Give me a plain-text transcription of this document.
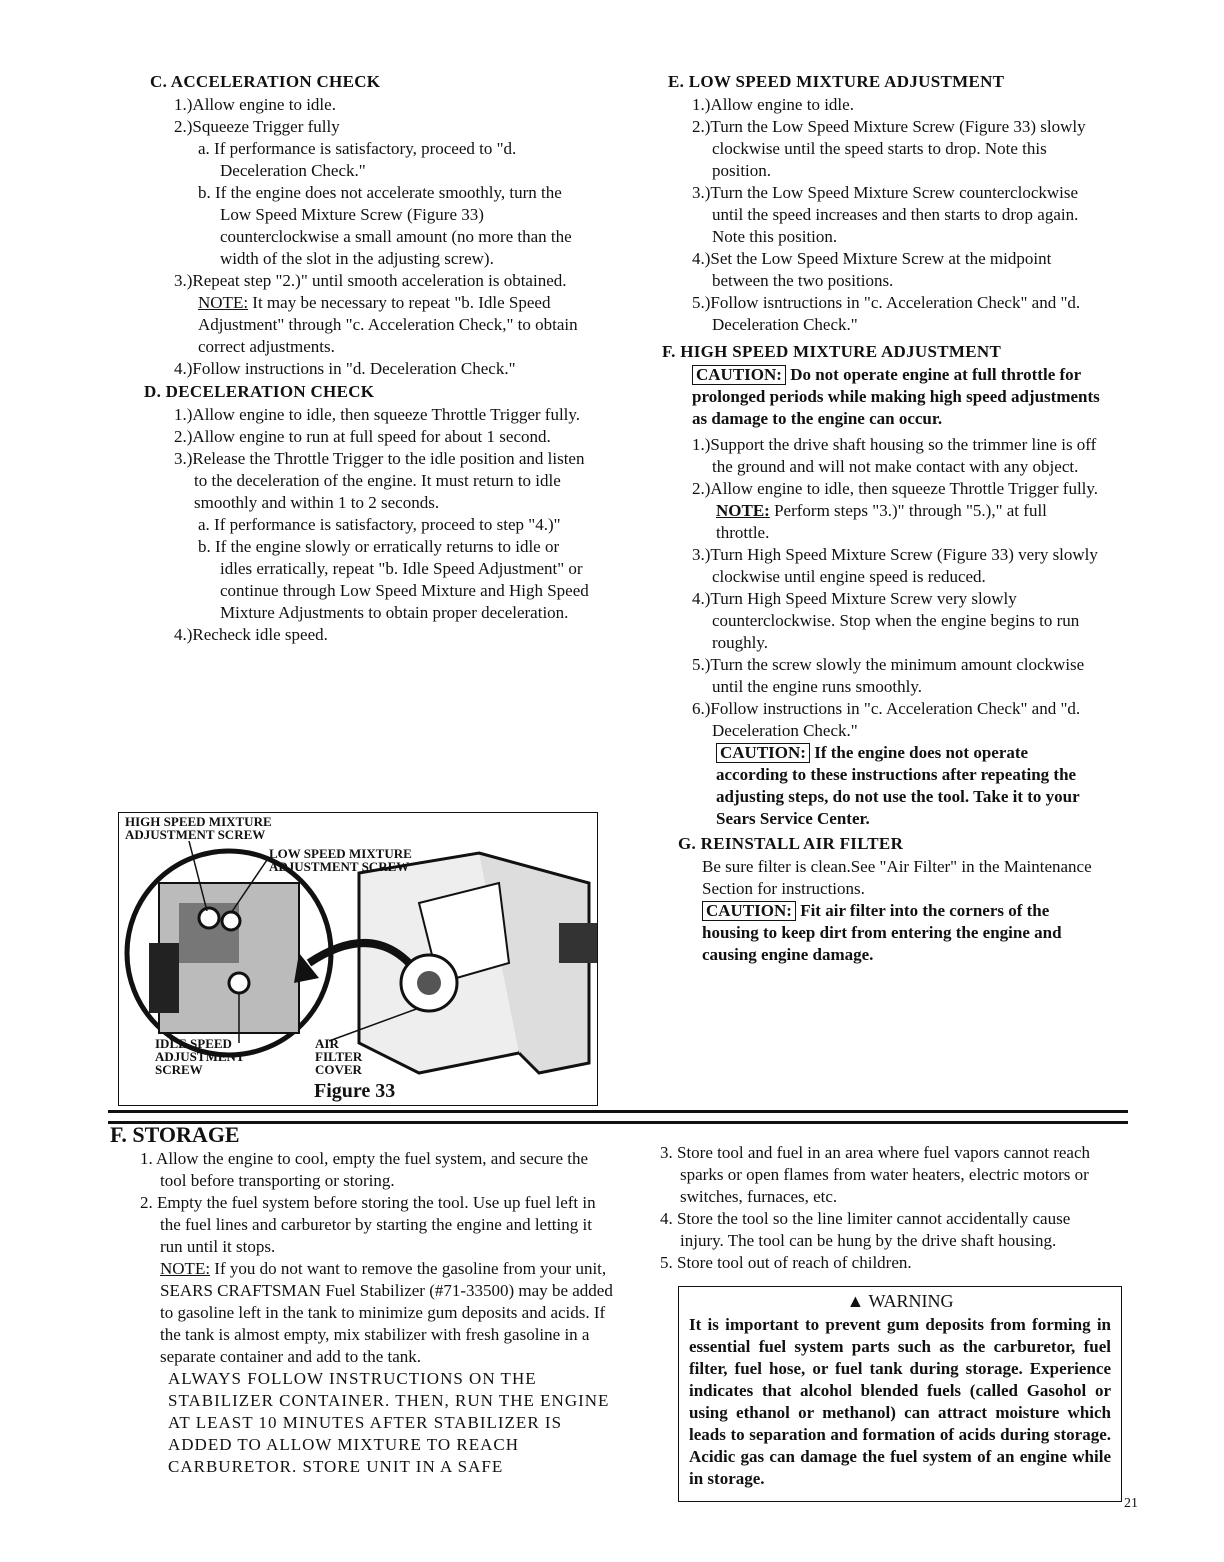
C. ACCELERATION CHECK

1.)Allow engine to idle.

2.)Squeeze Trigger fully

a. If performance is satisfactory, proceed to "d. Deceleration Check."

b. If the engine does not accelerate smoothly, turn the Low Speed Mixture Screw (Figure 33) counterclockwise a small amount (no more than the width of the slot in the adjusting screw).

3.)Repeat step "2.)" until smooth acceleration is obtained.

NOTE: It may be necessary to repeat "b. Idle Speed Adjustment" through "c. Acceleration Check," to obtain correct adjustments.

4.)Follow instructions in "d. Deceleration Check."

D. DECELERATION CHECK

1.)Allow engine to idle, then squeeze Throttle Trigger fully.

2.)Allow engine to run at full speed for about 1 second.

3.)Release the Throttle Trigger to the idle position and listen to the deceleration of the engine. It must return to idle smoothly and within 1 to 2 seconds.

a. If performance is satisfactory, proceed to step "4.)"

b. If the engine slowly or erratically returns to idle or idles erratically, repeat "b. Idle Speed Adjustment" or continue through Low Speed Mixture and High Speed Mixture Adjustments to obtain proper deceleration.

4.)Recheck idle speed.

HIGH SPEED MIXTURE ADJUSTMENT SCREW
LOW SPEED MIXTURE ADJUSTMENT SCREW
IDLE SPEED ADJUSTMENT SCREW
AIR FILTER COVER
Figure 33
E. LOW SPEED MIXTURE ADJUSTMENT

1.)Allow engine to idle.

2.)Turn the Low Speed Mixture Screw (Figure 33) slowly clockwise until the speed starts to drop. Note this position.

3.)Turn the Low Speed Mixture Screw counterclockwise until the speed increases and then starts to drop again. Note this position.

4.)Set the Low Speed Mixture Screw at the midpoint between the two positions.

5.)Follow isntructions in "c. Acceleration Check" and "d. Deceleration Check."

F. HIGH SPEED MIXTURE ADJUSTMENT

CAUTION: Do not operate engine at full throttle for prolonged periods while making high speed adjustments as damage to the engine can occur.

1.)Support the drive shaft housing so the trimmer line is off the ground and will not make contact with any object.

2.)Allow engine to idle, then squeeze Throttle Trigger fully.

NOTE: Perform steps "3.)" through "5.)," at full throttle.

3.)Turn High Speed Mixture Screw (Figure 33) very slowly clockwise until engine speed is reduced.

4.)Turn High Speed Mixture Screw very slowly counterclockwise. Stop when the engine begins to run roughly.

5.)Turn the screw slowly the minimum amount clockwise until the engine runs smoothly.

6.)Follow instructions in "c. Acceleration Check" and "d. Deceleration Check."

CAUTION: If the engine does not operate according to these instructions after repeating the adjusting steps, do not use the tool. Take it to your Sears Service Center.

G. REINSTALL AIR FILTER

Be sure filter is clean.See "Air Filter" in the Maintenance Section for instructions.

CAUTION: Fit air filter into the corners of the housing to keep dirt from entering the engine and causing engine damage.

F. STORAGE

1. Allow the engine to cool, empty the fuel system, and secure the tool before transporting or storing.

2. Empty the fuel system before storing the tool. Use up fuel left in the fuel lines and carburetor by starting the engine and letting it run until it stops.

NOTE: If you do not want to remove the gasoline from your unit, SEARS CRAFTSMAN Fuel Stabilizer (#71-33500) may be added to gasoline left in the tank to minimize gum deposits and acids. If the tank is almost empty, mix stabilizer with fresh gasoline in a separate container and add to the tank.

ALWAYS FOLLOW INSTRUCTIONS ON THE STABILIZER CONTAINER. THEN, RUN THE ENGINE AT LEAST 10 MINUTES AFTER STABILIZER IS ADDED TO ALLOW MIXTURE TO REACH CARBURETOR. STORE UNIT IN A SAFE

3. Store tool and fuel in an area where fuel vapors cannot reach sparks or open flames from water heaters, electric motors or switches, furnaces, etc.

4. Store the tool so the line limiter cannot accidentally cause injury. The tool can be hung by the drive shaft housing.

5. Store tool out of reach of children.

▲ WARNING

It is important to prevent gum deposits from forming in essential fuel system parts such as the carburetor, fuel filter, fuel hose, or fuel tank during storage. Experience indicates that alcohol blended fuels (called Gasohol or using ethanol or methanol) can attract moisture which leads to separation and formation of acids during storage. Acidic gas can damage the fuel system of an engine while in storage.

21
